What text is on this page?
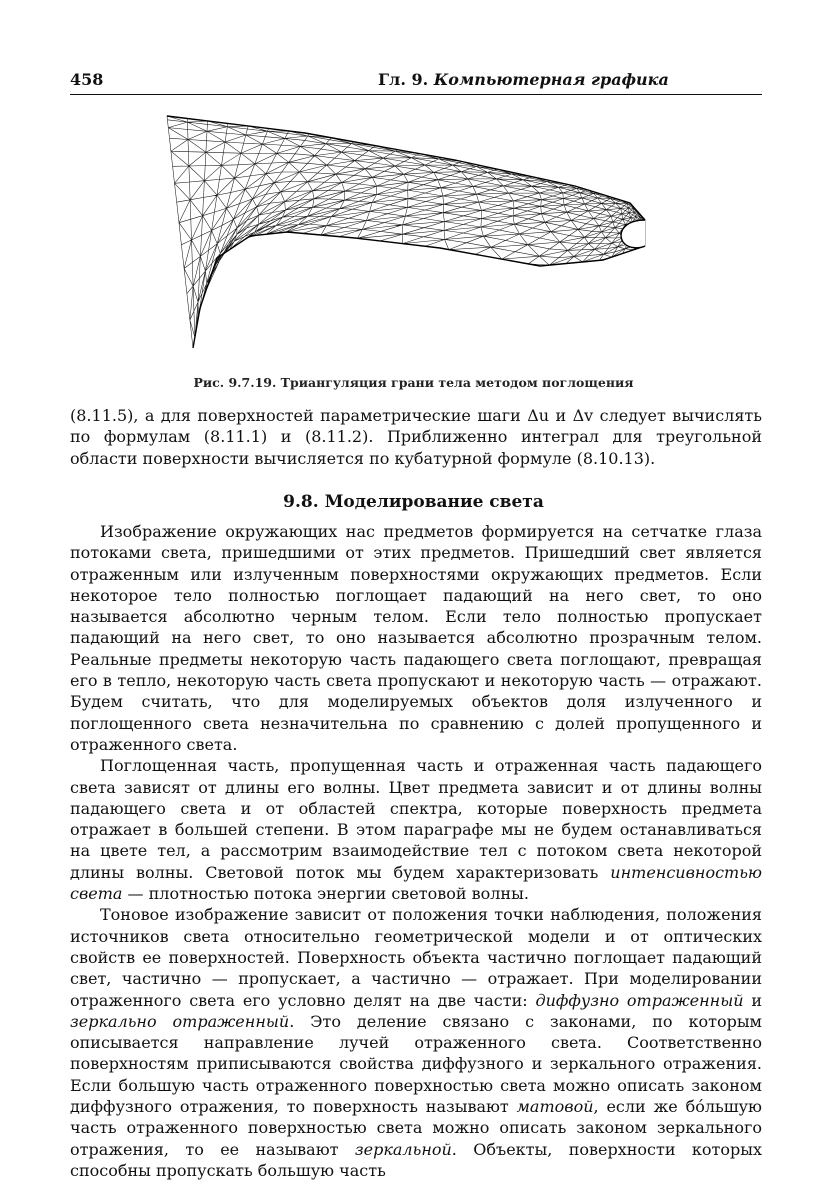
458	Гл. 9. Компьютерная графика
Рис. 9.7.19. Триангуляция грани тела методом поглощения
(8.11.5), а для поверхностей параметрические шаги Δu и Δv следует вычислять по формулам (8.11.1) и (8.11.2). Приближенно интеграл для треугольной области поверхности вычисляется по кубатурной формуле (8.10.13).
9.8. Моделирование света

Изображение окружающих нас предметов формируется на сетчатке глаза потоками света, пришедшими от этих предметов. Пришедший свет является отраженным или излученным поверхностями окружающих предметов. Если некоторое тело полностью поглощает падающий на него свет, то оно называется абсолютно черным телом. Если тело полностью пропускает падающий на него свет, то оно называется абсолютно прозрачным телом. Реальные предметы некоторую часть падающего света поглощают, превращая его в тепло, некоторую часть света пропускают и некоторую часть — отражают. Будем считать, что для моделируемых объектов доля излученного и поглощенного света незначительна по сравнению с долей пропущенного и отраженного света.

Поглощенная часть, пропущенная часть и отраженная часть падающего света зависят от длины его волны. Цвет предмета зависит и от длины волны падающего света и от областей спектра, которые поверхность предмета отражает в большей степени. В этом параграфе мы не будем останавливаться на цвете тел, а рассмотрим взаимодействие тел с потоком света некоторой длины волны. Световой поток мы будем характеризовать интенсивностью света — плотностью потока энергии световой волны.

Тоновое изображение зависит от положения точки наблюдения, положения источников света относительно геометрической модели и от оптических свойств ее поверхностей. Поверхность объекта частично поглощает падающий свет, частично — пропускает, а частично — отражает. При моделировании отраженного света его условно делят на две части: диффузно отраженный и зеркально отраженный. Это деление связано с законами, по которым описывается направление лучей отраженного света. Соответственно поверхностям приписываются свойства диффузного и зеркального отражения. Если большую часть отраженного поверхностью света можно описать законом диффузного отражения, то поверхность называют матовой, если же бо́льшую часть отраженного поверхностью света можно описать законом зеркального отражения, то ее называют зеркальной. Объекты, поверхности которых способны пропускать большую часть
